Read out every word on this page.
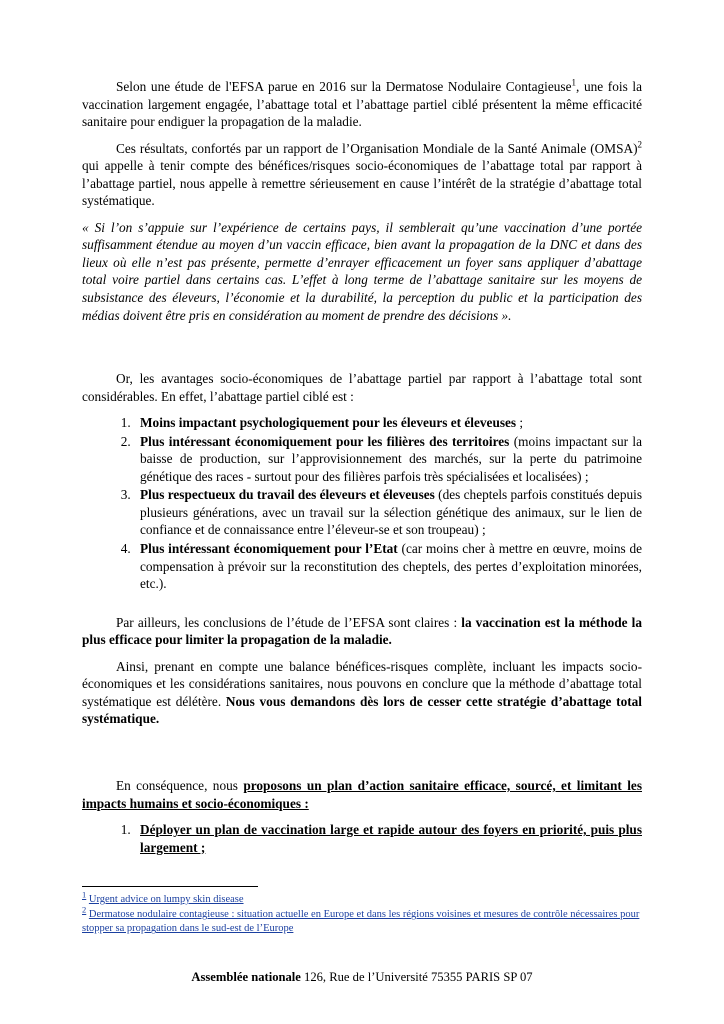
Selon une étude de l'EFSA parue en 2016 sur la Dermatose Nodulaire Contagieuse$^1$, une fois la vaccination largement engagée, l’abattage total et l’abattage partiel ciblé présentent la même efficacité sanitaire pour endiguer la propagation de la maladie.

Ces résultats, confortés par un rapport de l’Organisation Mondiale de la Santé Animale (OMSA)$^2$ qui appelle à tenir compte des bénéfices/risques socio-économiques de l’abattage total par rapport à l’abattage partiel, nous appelle à remettre sérieusement en cause l’intérêt de la stratégie d’abattage total systématique.

« Si l’on s’appuie sur l’expérience de certains pays, il semblerait qu’une vaccination d’une portée suffisamment étendue au moyen d’un vaccin efficace, bien avant la propagation de la DNC et dans des lieux où elle n’est pas présente, permette d’enrayer efficacement un foyer sans appliquer d’abattage total voire partiel dans certains cas. L’effet à long terme de l’abattage sanitaire sur les moyens de subsistance des éleveurs, l’économie et la durabilité, la perception du public et la participation des médias doivent être pris en considération au moment de prendre des décisions ».

Or, les avantages socio-économiques de l’abattage partiel par rapport à l’abattage total sont considérables. En effet, l’abattage partiel ciblé est :

1. Moins impactant psychologiquement pour les éleveurs et éleveuses ;
2. Plus intéressant économiquement pour les filières des territoires (moins impactant sur la baisse de production, sur l’approvisionnement des marchés, sur la perte du patrimoine génétique des races - surtout pour des filières parfois très spécialisées et localisées) ;
3. Plus respectueux du travail des éleveurs et éleveuses (des cheptels parfois constitués depuis plusieurs générations, avec un travail sur la sélection génétique des animaux, sur le lien de confiance et de connaissance entre l’éleveur-se et son troupeau) ;
4. Plus intéressant économiquement pour l’Etat (car moins cher à mettre en œuvre, moins de compensation à prévoir sur la reconstitution des cheptels, des pertes d’exploitation minorées, etc.).

Par ailleurs, les conclusions de l’étude de l’EFSA sont claires : la vaccination est la méthode la plus efficace pour limiter la propagation de la maladie.

Ainsi, prenant en compte une balance bénéfices-risques complète, incluant les impacts socio-économiques et les considérations sanitaires, nous pouvons en conclure que la méthode d’abattage total systématique est délétère. Nous vous demandons dès lors de cesser cette stratégie d’abattage total systématique.

En conséquence, nous proposons un plan d’action sanitaire efficace, sourcé, et limitant les impacts humains et socio-économiques :

1. Déployer un plan de vaccination large et rapide autour des foyers en priorité, puis plus largement ;
$^1$ Urgent advice on lumpy skin disease
$^2$ Dermatose nodulaire contagieuse : situation actuelle en Europe et dans les régions voisines et mesures de contrôle nécessaires pour stopper sa propagation dans le sud-est de l’Europe
Assemblée nationale 126, Rue de l’Université 75355 PARIS SP 07
